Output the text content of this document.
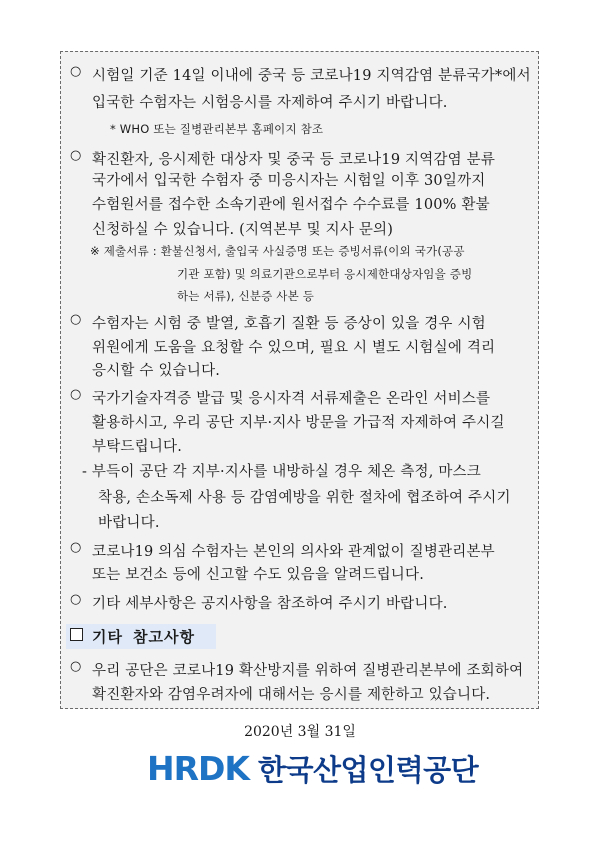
○ 시험일 기준 14일 이내에 중국 등 코로나19 지역감염 분류국가*에서
입국한 수험자는 시험응시를 자제하여 주시기 바랍니다.
* WHO 또는 질병관리본부 홈페이지 참조
○ 확진환자, 응시제한 대상자 및 중국 등 코로나19 지역감염 분류
국가에서 입국한 수험자 중 미응시자는 시험일 이후 30일까지
수험원서를 접수한 소속기관에 원서접수 수수료를 100% 환불
신청하실 수 있습니다. (지역본부 및 지사 문의)
※ 제출서류 : 환불신청서, 출입국 사실증명 또는 증빙서류(이외 국가(공공
기관 포함) 및 의료기관으로부터 응시제한대상자임을 증빙
하는 서류), 신분증 사본 등
○ 수험자는 시험 중 발열, 호흡기 질환 등 증상이 있을 경우 시험
위원에게 도움을 요청할 수 있으며, 필요 시 별도 시험실에 격리
응시할 수 있습니다.
○ 국가기술자격증 발급 및 응시자격 서류제출은 온라인 서비스를
활용하시고, 우리 공단 지부·지사 방문을 가급적 자제하여 주시길
부탁드립니다.
- 부득이 공단 각 지부·지사를 내방하실 경우 체온 측정, 마스크
착용, 손소독제 사용 등 감염예방을 위한 절차에 협조하여 주시기
바랍니다.
○ 코로나19 의심 수험자는 본인의 의사와 관계없이 질병관리본부
또는 보건소 등에 신고할 수도 있음을 알려드립니다.
○ 기타 세부사항은 공지사항을 참조하여 주시기 바랍니다.
기타 참고사항
○ 우리 공단은 코로나19 확산방지를 위하여 질병관리본부에 조회하여
확진환자와 감염우려자에 대해서는 응시를 제한하고 있습니다.
2020년 3월 31일
HRDK 한국산업인력공단
